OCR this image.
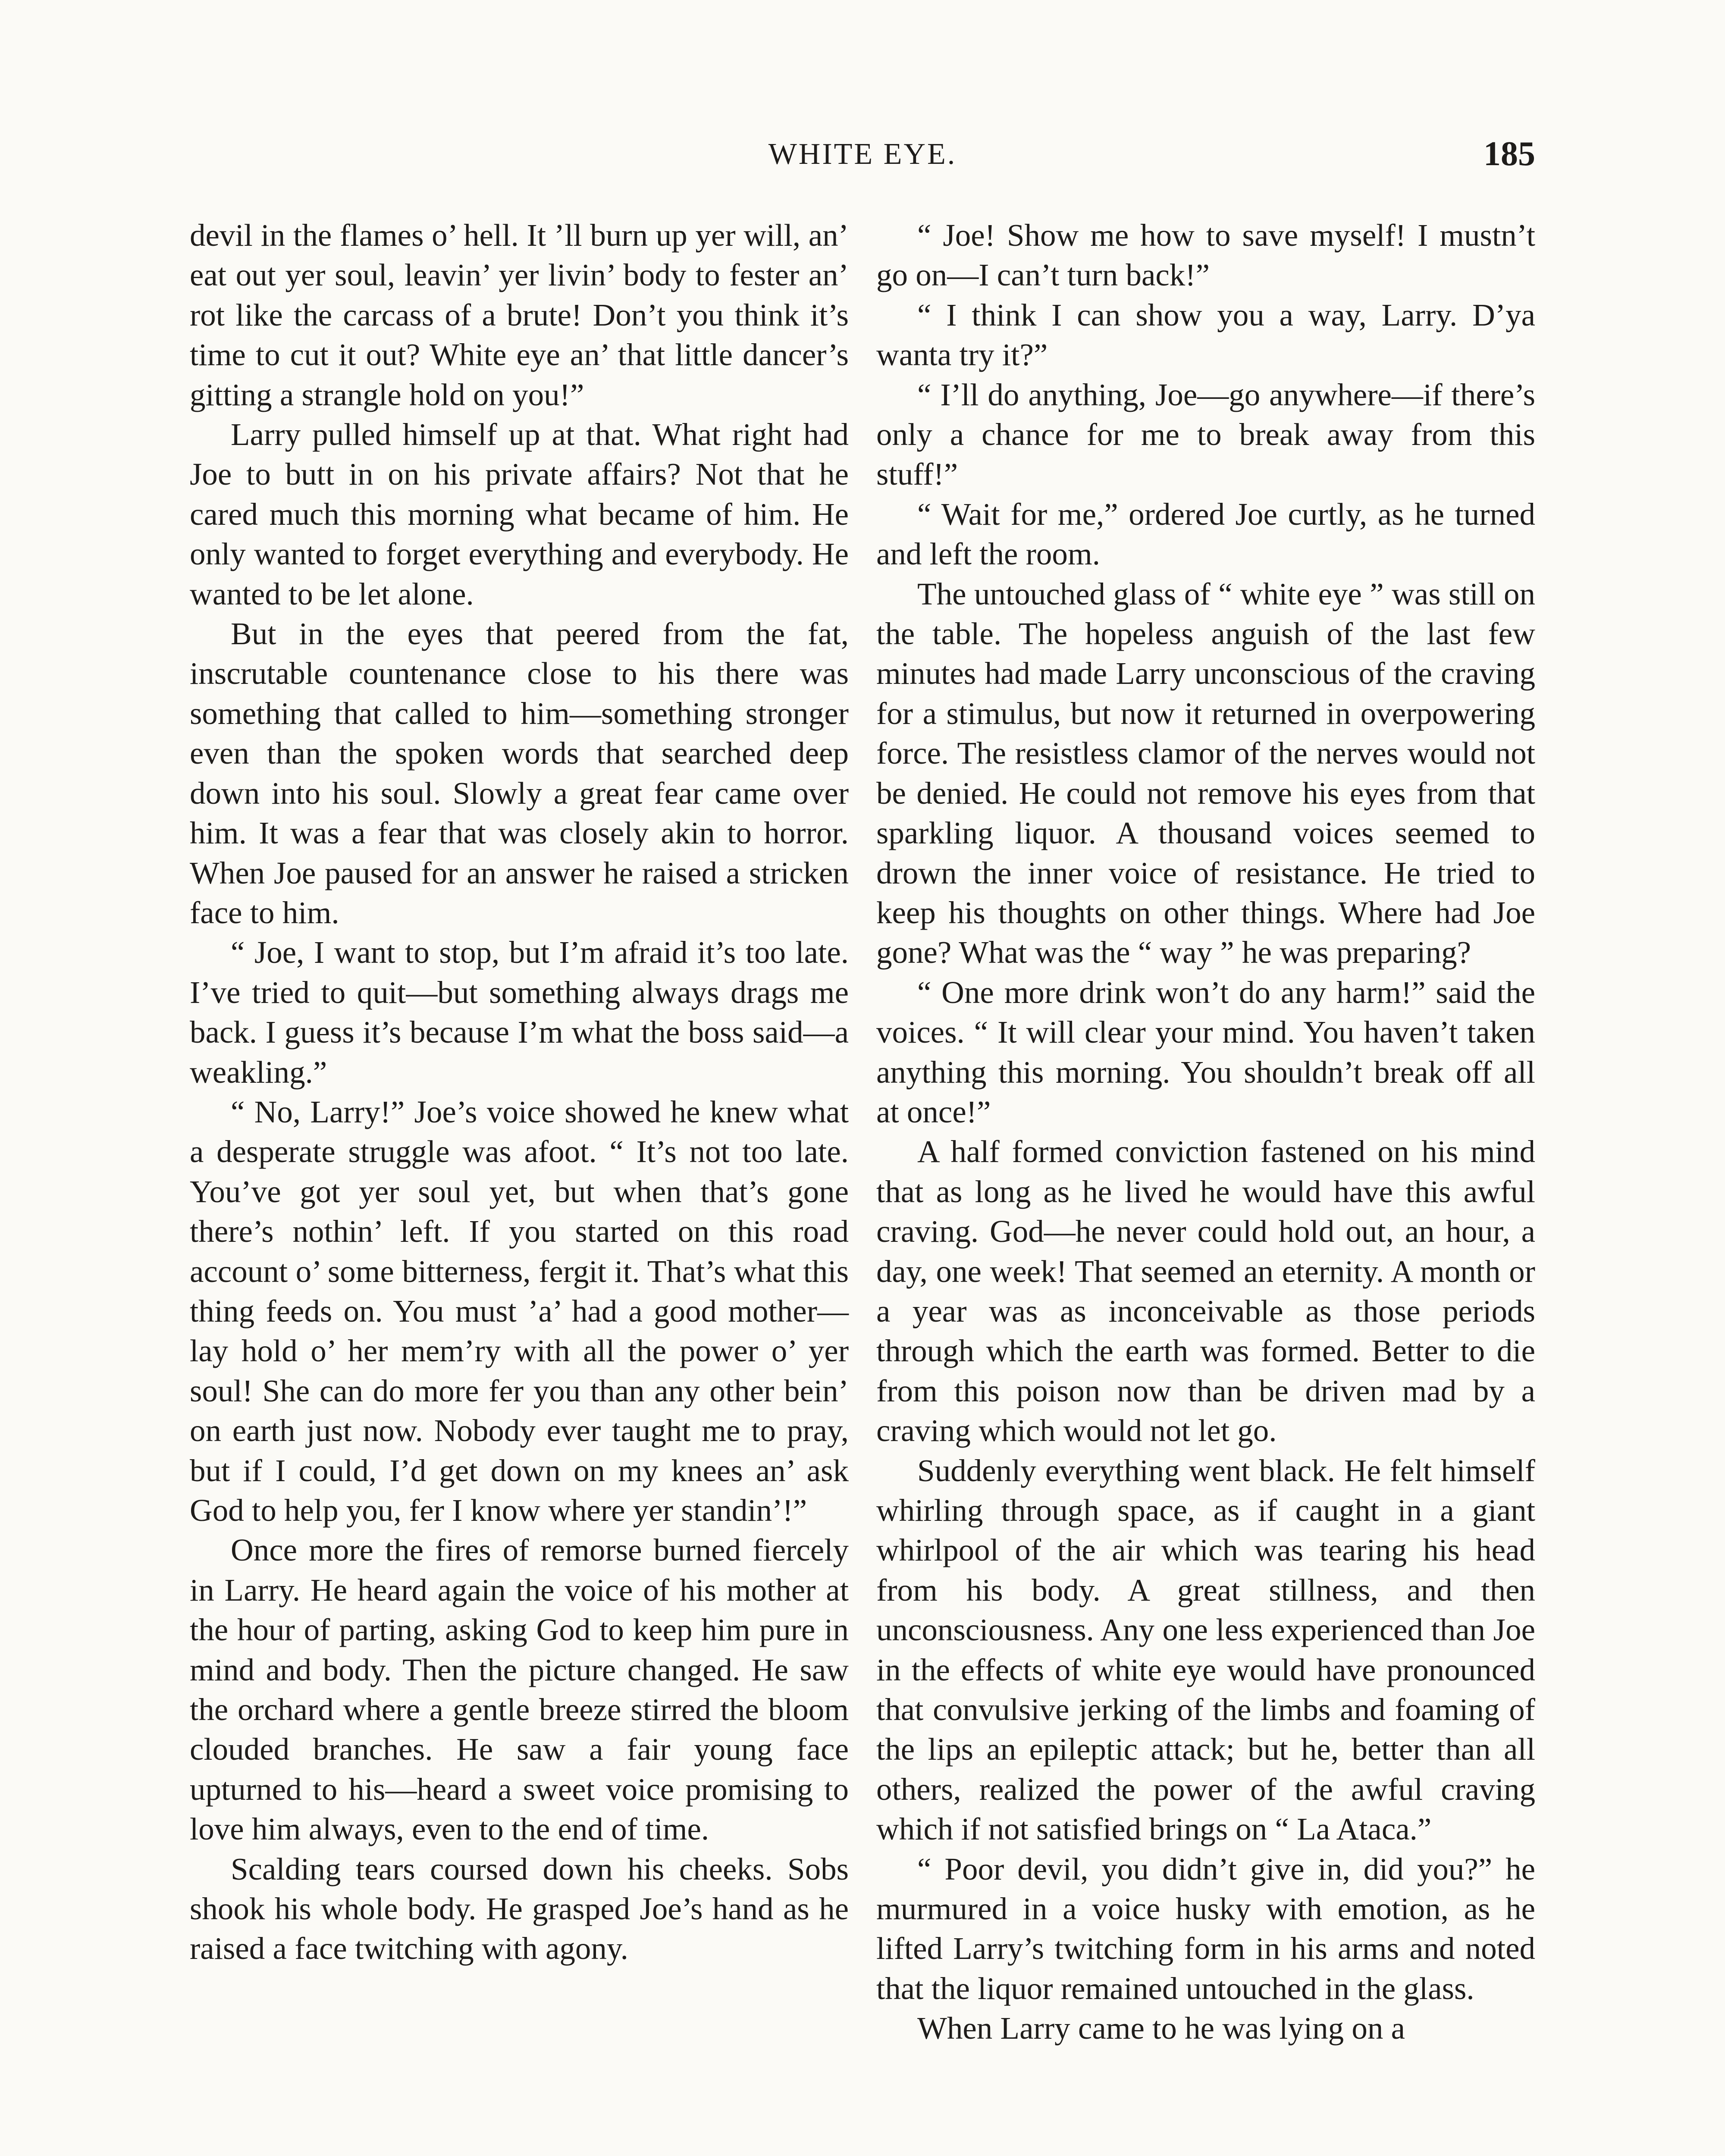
WHITE EYE.	185

devil in the flames o’ hell. It ’ll burn up yer will, an’ eat out yer soul, leavin’ yer livin’ body to fester an’ rot like the carcass of a brute! Don’t you think it’s time to cut it out? White eye an’ that little dancer’s gitting a strangle hold on you!”

Larry pulled himself up at that. What right had Joe to butt in on his private affairs? Not that he cared much this morning what became of him. He only wanted to forget everything and everybody. He wanted to be let alone.

But in the eyes that peered from the fat, inscrutable countenance close to his there was something that called to him—something stronger even than the spoken words that searched deep down into his soul. Slowly a great fear came over him. It was a fear that was closely akin to horror. When Joe paused for an answer he raised a stricken face to him.

“ Joe, I want to stop, but I’m afraid it’s too late. I’ve tried to quit—but something always drags me back. I guess it’s because I’m what the boss said—a weakling.”

“ No, Larry!” Joe’s voice showed he knew what a desperate struggle was afoot. “ It’s not too late. You’ve got yer soul yet, but when that’s gone there’s nothin’ left. If you started on this road account o’ some bitterness, fergit it. That’s what this thing feeds on. You must ’a’ had a good mother—lay hold o’ her mem’ry with all the power o’ yer soul! She can do more fer you than any other bein’ on earth just now. Nobody ever taught me to pray, but if I could, I’d get down on my knees an’ ask God to help you, fer I know where yer standin’!”

Once more the fires of remorse burned fiercely in Larry. He heard again the voice of his mother at the hour of parting, asking God to keep him pure in mind and body. Then the picture changed. He saw the orchard where a gentle breeze stirred the bloom clouded branches. He saw a fair young face upturned to his—heard a sweet voice promising to love him always, even to the end of time.

Scalding tears coursed down his cheeks. Sobs shook his whole body. He grasped Joe’s hand as he raised a face twitching with agony.

“ Joe! Show me how to save myself! I mustn’t go on—I can’t turn back!”

“ I think I can show you a way, Larry. D’ya wanta try it?”

“ I’ll do anything, Joe—go anywhere—if there’s only a chance for me to break away from this stuff!”

“ Wait for me,” ordered Joe curtly, as he turned and left the room.

The untouched glass of “ white eye ” was still on the table. The hopeless anguish of the last few minutes had made Larry unconscious of the craving for a stimulus, but now it returned in overpowering force. The resistless clamor of the nerves would not be denied. He could not remove his eyes from that sparkling liquor. A thousand voices seemed to drown the inner voice of resistance. He tried to keep his thoughts on other things. Where had Joe gone? What was the “ way ” he was preparing?

“ One more drink won’t do any harm!” said the voices. “ It will clear your mind. You haven’t taken anything this morning. You shouldn’t break off all at once!”

A half formed conviction fastened on his mind that as long as he lived he would have this awful craving. God—he never could hold out, an hour, a day, one week! That seemed an eternity. A month or a year was as inconceivable as those periods through which the earth was formed. Better to die from this poison now than be driven mad by a craving which would not let go.

Suddenly everything went black. He felt himself whirling through space, as if caught in a giant whirlpool of the air which was tearing his head from his body. A great stillness, and then unconsciousness. Any one less experienced than Joe in the effects of white eye would have pronounced that convulsive jerking of the limbs and foaming of the lips an epileptic attack; but he, better than all others, realized the power of the awful craving which if not satisfied brings on “ La Ataca.”

“ Poor devil, you didn’t give in, did you?” he murmured in a voice husky with emotion, as he lifted Larry’s twitching form in his arms and noted that the liquor remained untouched in the glass.

When Larry came to he was lying on a
